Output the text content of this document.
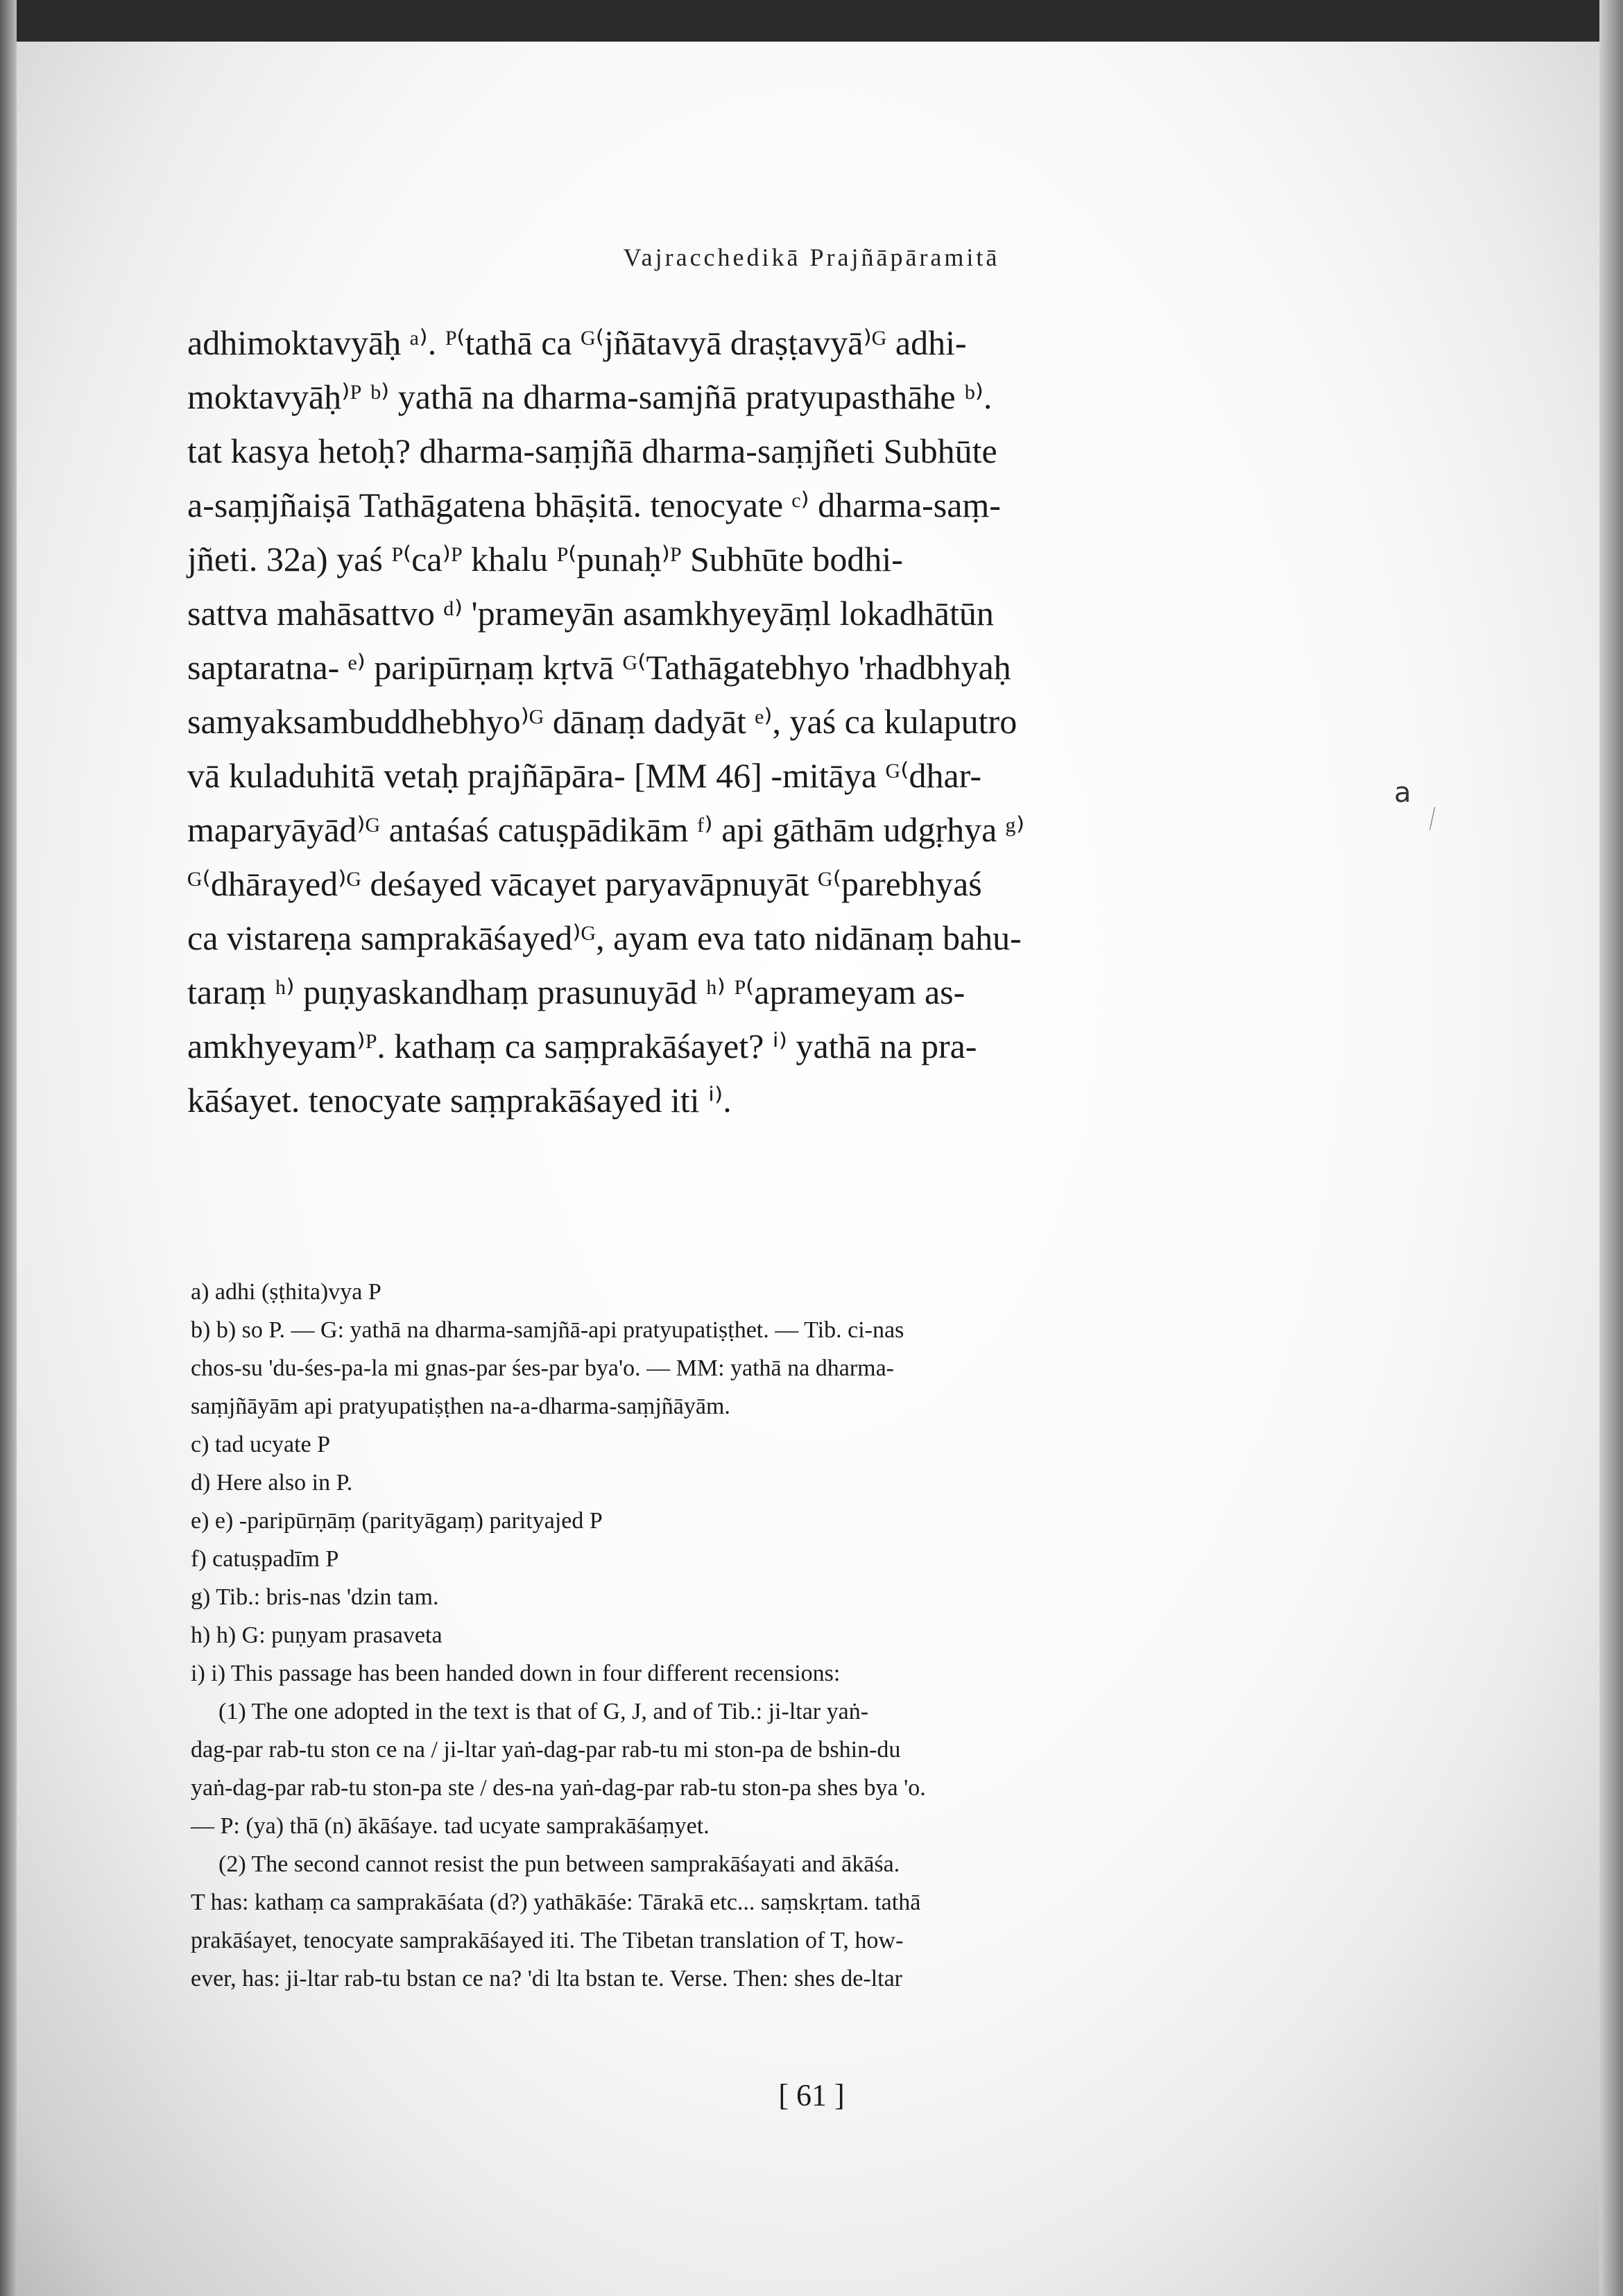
Vajracchedikā Prajñāpāramitā
adhimoktavyāḥ ᵃ⁾. ᴾ⁽tathā ca ᴳ⁽jñātavyā draṣṭavyā⁾ᴳ adhi-
moktavyāḥ⁾ᴾ ᵇ⁾ yathā na dharma-samjñā pratyupasthāhe ᵇ⁾.
tat kasya hetoḥ? dharma-saṃjñā dharma-saṃjñeti Subhūte
a-saṃjñaiṣā Tathāgatena bhāṣitā. tenocyate ᶜ⁾ dharma-saṃ-
jñeti. 32a) yaś ᴾ⁽ca⁾ᴾ khalu ᴾ⁽punaḥ⁾ᴾ Subhūte bodhi-
sattva mahāsattvo ᵈ⁾ 'prameyān asamkhyeyāṃl lokadhātūn
saptaratna- ᵉ⁾ paripūrṇaṃ kṛtvā ᴳ⁽Tathāgatebhyo 'rhadbhyaḥ
samyaksambuddhebhyo⁾ᴳ dānaṃ dadyāt ᵉ⁾, yaś ca kulaputro
vā kuladuhitā vetaḥ prajñāpāra- [MM 46] -mitāya ᴳ⁽dhar-
maparyāyād⁾ᴳ antaśaś catuṣpādikām ᶠ⁾ api gāthām udgṛhya ᵍ⁾
ᴳ⁽dhārayed⁾ᴳ deśayed vācayet paryavāpnuyāt ᴳ⁽parebhyaś
ca vistareṇa samprakāśayed⁾ᴳ, ayam eva tato nidānaṃ bahu-
taraṃ ʰ⁾ puṇyaskandhaṃ prasunuyād ʰ⁾ ᴾ⁽aprameyam as-
amkhyeyam⁾ᴾ. kathaṃ ca saṃprakāśayet? ⁱ⁾ yathā na pra-
kāśayet. tenocyate saṃprakāśayed iti ⁱ⁾.
a
a) adhi (ṣṭhita)vya P
b) b) so P. — G: yathā na dharma-samjñā-api pratyupatiṣṭhet. — Tib. ci-nas
chos-su 'du-śes-pa-la mi gnas-par śes-par bya'o. — MM: yathā na dharma-
saṃjñāyām api pratyupatiṣṭhen na-a-dharma-saṃjñāyām.
c) tad ucyate P
d) Here also in P.
e) e) -paripūrṇāṃ (parityāgaṃ) parityajed P
f) catuṣpadīm P
g) Tib.: bris-nas 'dzin tam.
h) h) G: puṇyam prasaveta
i) i) This passage has been handed down in four different recensions:
(1) The one adopted in the text is that of G, J, and of Tib.: ji-ltar yaṅ-
dag-par rab-tu ston ce na / ji-ltar yaṅ-dag-par rab-tu mi ston-pa de bshin-du
yaṅ-dag-par rab-tu ston-pa ste / des-na yaṅ-dag-par rab-tu ston-pa shes bya 'o.
— P: (ya) thā (n) ākāśaye. tad ucyate samprakāśaṃyet.
(2) The second cannot resist the pun between samprakāśayati and ākāśa.
T has: kathaṃ ca samprakāśata (d?) yathākāśe: Tārakā etc... saṃskṛtam. tathā
prakāśayet, tenocyate samprakāśayed iti. The Tibetan translation of T, how-
ever, has: ji-ltar rab-tu bstan ce na? 'di lta bstan te. Verse. Then: shes de-ltar
[ 61 ]
